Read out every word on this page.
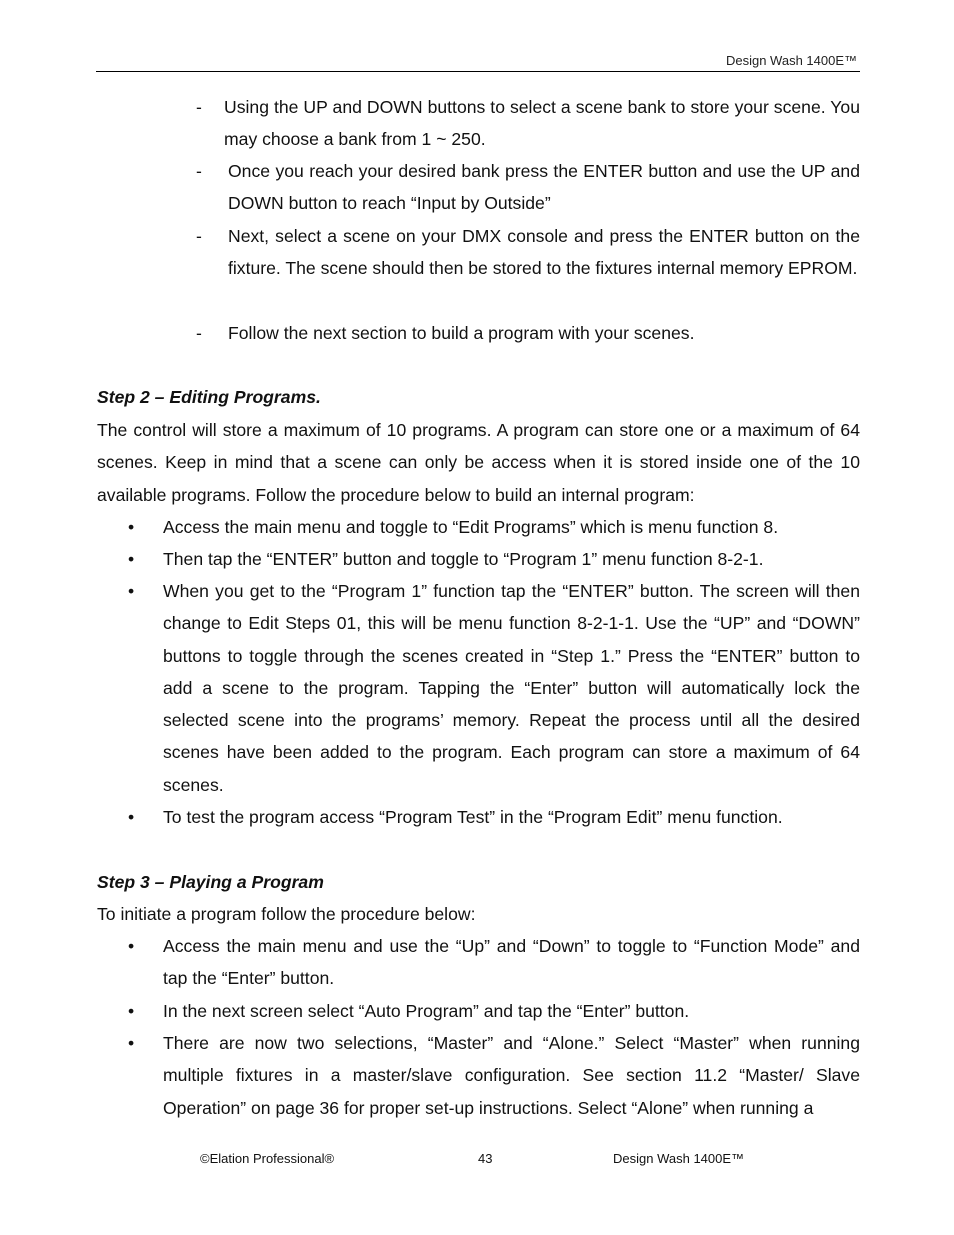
Design Wash 1400E™
- Using the UP and DOWN buttons to select a scene bank to store your scene. You may choose a bank from 1 ~ 250.
- Once you reach your desired bank press the ENTER button and use the UP and DOWN button to reach “Input by Outside”
- Next, select a scene on your DMX console and press the ENTER button on the fixture. The scene should then be stored to the fixtures internal memory EPROM.
- Follow the next section to build a program with your scenes.
Step 2 – Editing Programs.

The control will store a maximum of 10 programs. A program can store one or a maximum of 64 scenes. Keep in mind that a scene can only be access when it is stored inside one of the 10 available programs. Follow the procedure below to build an internal program:

• Access the main menu and toggle to “Edit Programs” which is menu function 8.
• Then tap the “ENTER” button and toggle to “Program 1” menu function 8-2-1.
• When you get to the “Program 1” function tap the “ENTER” button. The screen will then change to Edit Steps 01, this will be menu function 8-2-1-1. Use the “UP” and “DOWN” buttons to toggle through the scenes created in “Step 1.” Press the “ENTER” button to add a scene to the program. Tapping the “Enter” button will automatically lock the selected scene into the programs’ memory. Repeat the process until all the desired scenes have been added to the program. Each program can store a maximum of 64 scenes.
• To test the program access “Program Test” in the “Program Edit” menu function.
Step 3 – Playing a Program

To initiate a program follow the procedure below:

• Access the main menu and use the “Up” and “Down” to toggle to “Function Mode” and tap the “Enter” button.
• In the next screen select “Auto Program” and tap the “Enter” button.
• There are now two selections, “Master” and “Alone.” Select “Master” when running multiple fixtures in a master/slave configuration. See section 11.2 “Master/ Slave Operation” on page 36 for proper set-up instructions. Select “Alone” when running a
©Elation Professional®	43	Design Wash 1400E™
